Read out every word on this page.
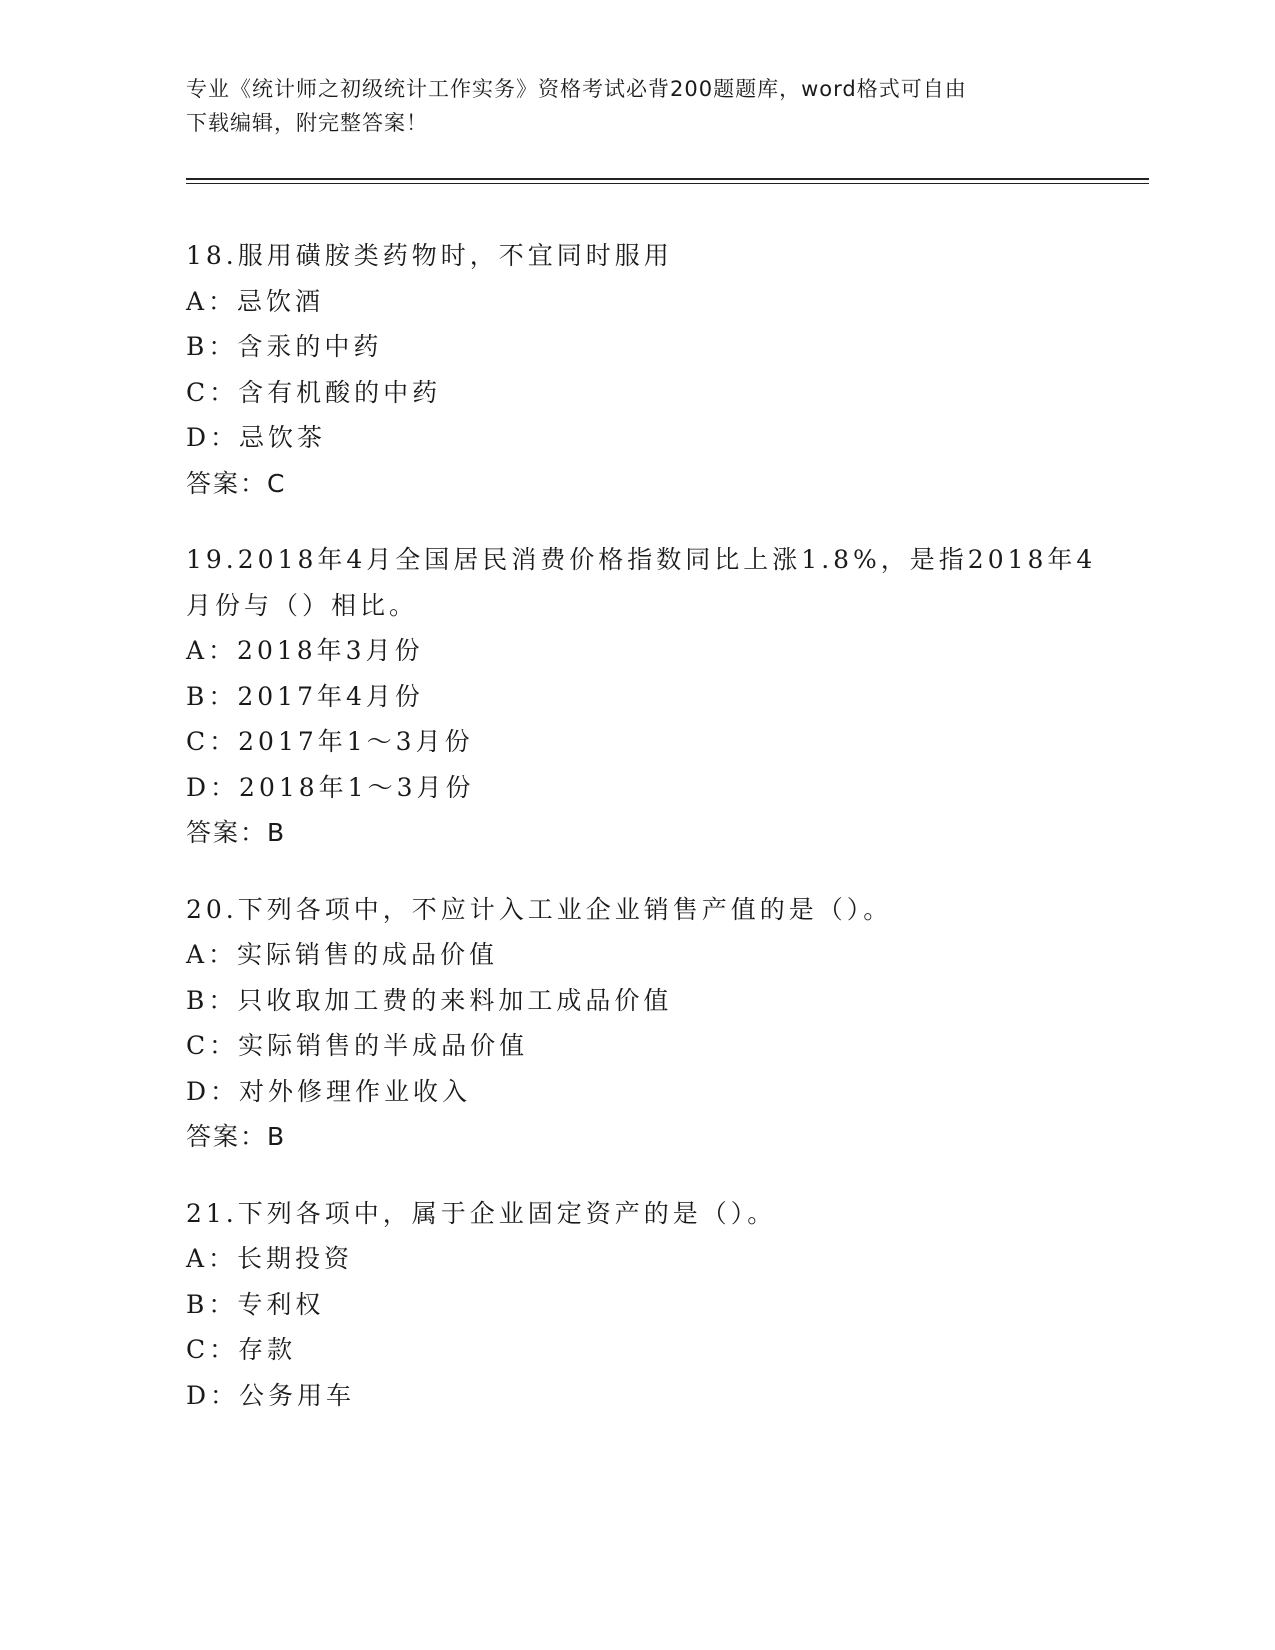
专业《统计师之初级统计工作实务》资格考试必背200题题库，word格式可自由
下载编辑，附完整答案！
18.服用磺胺类药物时，不宜同时服用
A：忌饮酒
B：含汞的中药
C：含有机酸的中药
D：忌饮茶
答案：C
19.2018年4月全国居民消费价格指数同比上涨1.8%，是指2018年4
月份与（）相比。
A：2018年3月份
B：2017年4月份
C：2017年1～3月份
D：2018年1～3月份
答案：B
20.下列各项中，不应计入工业企业销售产值的是（）。
A：实际销售的成品价值
B：只收取加工费的来料加工成品价值
C：实际销售的半成品价值
D：对外修理作业收入
答案：B
21.下列各项中，属于企业固定资产的是（）。
A：长期投资
B：专利权
C：存款
D：公务用车
